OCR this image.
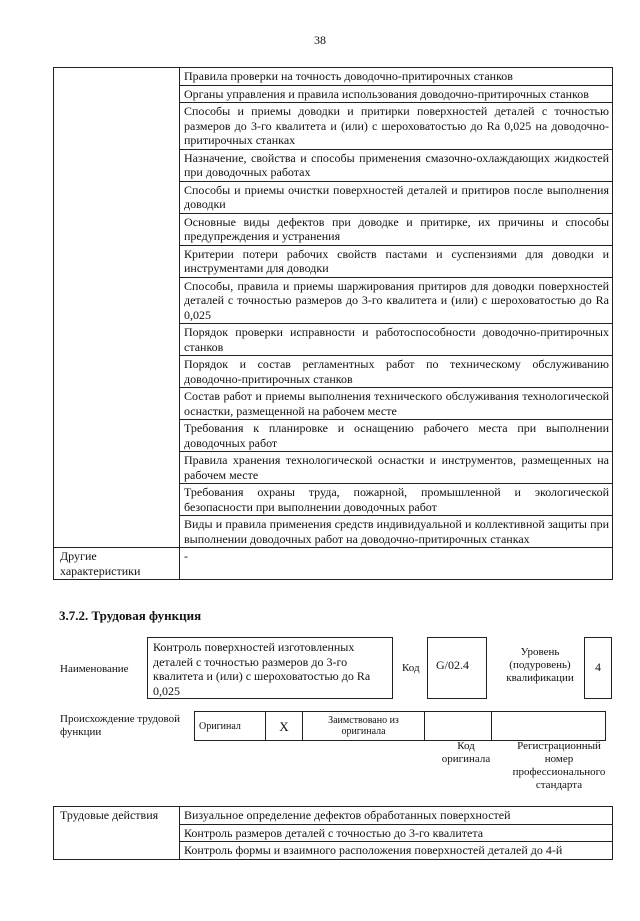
38
	Правила проверки на точность доводочно-притирочных станков
	Органы управления и правила использования доводочно-притирочных станков
	Способы и приемы доводки и притирки поверхностей деталей с точностью размеров до 3-го квалитета и (или) с шероховатостью до Ra 0,025 на доводочно-притирочных станках
	Назначение, свойства и способы применения смазочно-охлаждающих жидкостей при доводочных работах
	Способы и приемы очистки поверхностей деталей и притиров после выполнения доводки
	Основные виды дефектов при доводке и притирке, их причины и способы предупреждения и устранения
	Критерии потери рабочих свойств пастами и суспензиями для доводки и инструментами для доводки
	Способы, правила и приемы шаржирования притиров для доводки поверхностей деталей с точностью размеров до 3-го квалитета и (или) с шероховатостью до Ra 0,025
	Порядок проверки исправности и работоспособности доводочно-притирочных станков
	Порядок и состав регламентных работ по техническому обслуживанию доводочно-притирочных станков
	Состав работ и приемы выполнения технического обслуживания технологической оснастки, размещенной на рабочем месте
	Требования к планировке и оснащению рабочего места при выполнении доводочных работ
	Правила хранения технологической оснастки и инструментов, размещенных на рабочем месте
	Требования охраны труда, пожарной, промышленной и экологической безопасности при выполнении доводочных работ
	Виды и правила применения средств индивидуальной и коллективной защиты при выполнении доводочных работ на доводочно-притирочных станках
Другие характеристики	-
3.7.2. Трудовая функция
Наименование
Контроль поверхностей изготовленных деталей с точностью размеров до 3-го квалитета и (или) с шероховатостью до Ra 0,025
Код	G/02.4
Уровень (подуровень) квалификации
4
Происхождение трудовой функции	Оригинал	X	Заимствовано из оригинала		
Код оригинала
Регистрационный номер профессионального стандарта
Трудовые действия	Визуальное определение дефектов обработанных поверхностей
Контроль размеров деталей с точностью до 3-го квалитета
Контроль формы и взаимного расположения поверхностей деталей до 4-й
